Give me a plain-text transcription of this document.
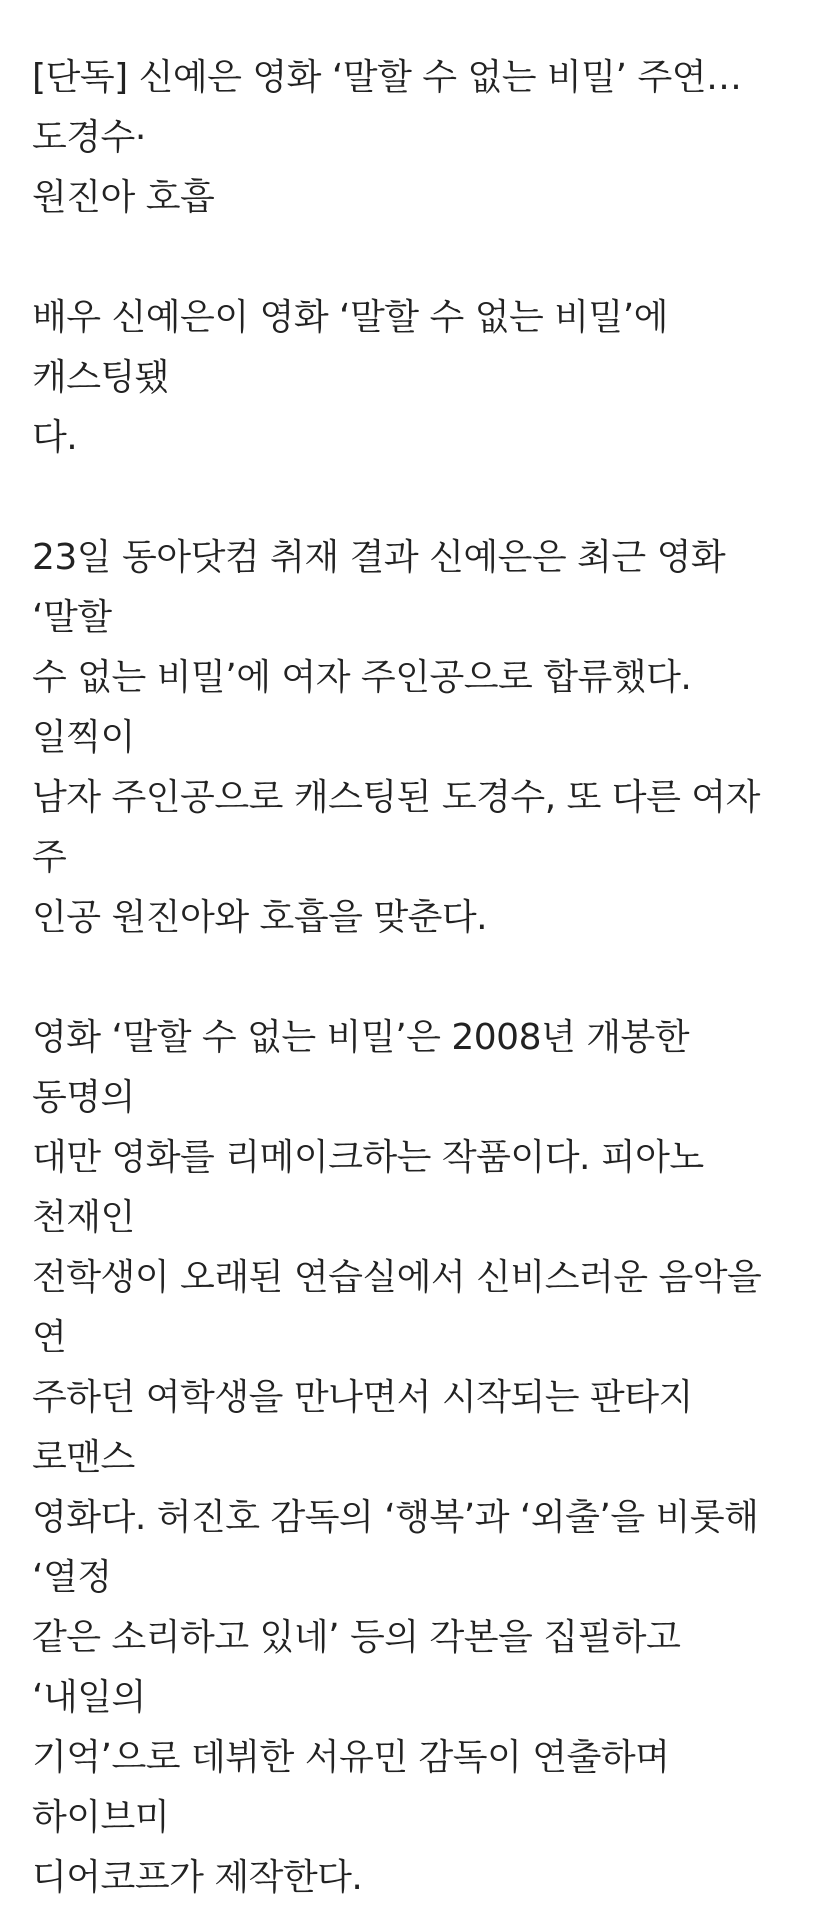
[단독] 신예은 영화 ‘말할 수 없는 비밀’ 주연…도경수·
원진아 호흡

배우 신예은이 영화 ‘말할 수 없는 비밀’에 캐스팅됐
다.

23일 동아닷컴 취재 결과 신예은은 최근 영화 ‘말할
수 없는 비밀’에 여자 주인공으로 합류했다. 일찍이
남자 주인공으로 캐스팅된 도경수, 또 다른 여자 주
인공 원진아와 호흡을 맞춘다.

영화 ‘말할 수 없는 비밀’은 2008년 개봉한 동명의
대만 영화를 리메이크하는 작품이다. 피아노 천재인
전학생이 오래된 연습실에서 신비스러운 음악을 연
주하던 여학생을 만나면서 시작되는 판타지 로맨스
영화다. 허진호 감독의 ‘행복’과 ‘외출’을 비롯해 ‘열정
같은 소리하고 있네’ 등의 각본을 집필하고 ‘내일의
기억’으로 데뷔한 서유민 감독이 연출하며 하이브미
디어코프가 제작한다.
